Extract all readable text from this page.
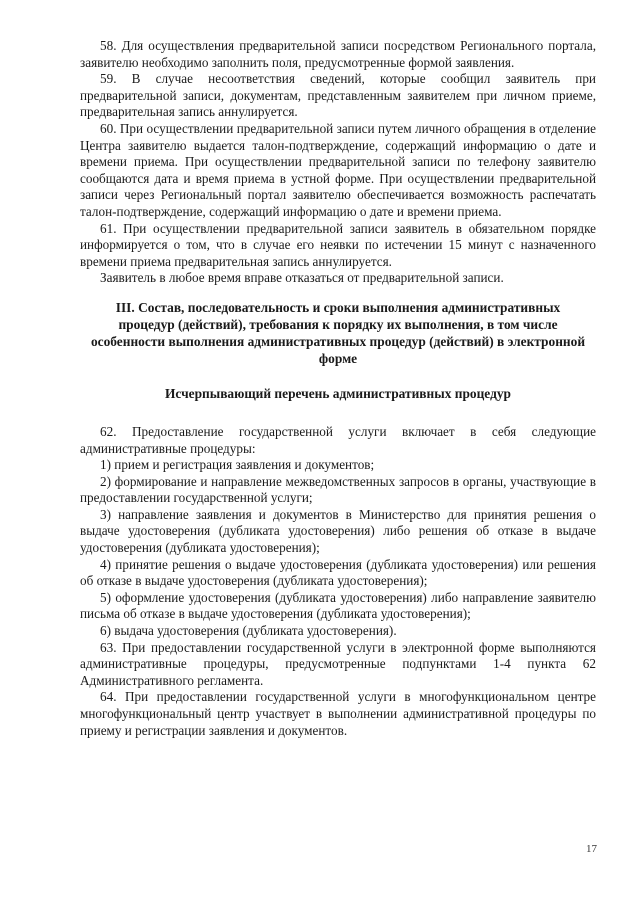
58. Для осуществления предварительной записи посредством Регионального портала, заявителю необходимо заполнить поля, предусмотренные формой заявления.

59. В случае несоответствия сведений, которые сообщил заявитель при предварительной записи, документам, представленным заявителем при личном приеме, предварительная запись аннулируется.

60. При осуществлении предварительной записи путем личного обращения в отделение Центра заявителю выдается талон-подтверждение, содержащий информацию о дате и времени приема. При осуществлении предварительной записи по телефону заявителю сообщаются дата и время приема в устной форме. При осуществлении предварительной записи через Региональный портал заявителю обеспечивается возможность распечатать талон-подтверждение, содержащий информацию о дате и времени приема.

61. При осуществлении предварительной записи заявитель в обязательном порядке информируется о том, что в случае его неявки по истечении 15 минут с назначенного времени приема предварительная запись аннулируется.

Заявитель в любое время вправе отказаться от предварительной записи.

III. Состав, последовательность и сроки выполнения административных процедур (действий), требования к порядку их выполнения, в том числе особенности выполнения административных процедур (действий) в электронной форме
Исчерпывающий перечень административных процедур

62. Предоставление государственной услуги включает в себя следующие административные процедуры:

1) прием и регистрация заявления и документов;

2) формирование и направление межведомственных запросов в органы, участвующие в предоставлении государственной услуги;

3) направление заявления и документов в Министерство для принятия решения о выдаче удостоверения (дубликата удостоверения) либо решения об отказе в выдаче удостоверения (дубликата удостоверения);

4) принятие решения о выдаче удостоверения (дубликата удостоверения) или решения об отказе в выдаче удостоверения (дубликата удостоверения);

5) оформление удостоверения (дубликата удостоверения) либо направление заявителю письма об отказе в выдаче удостоверения (дубликата удостоверения);

6) выдача удостоверения (дубликата удостоверения).

63. При предоставлении государственной услуги в электронной форме выполняются административные процедуры, предусмотренные подпунктами 1-4 пункта 62 Административного регламента.

64. При предоставлении государственной услуги в многофункциональном центре многофункциональный центр участвует в выполнении административной процедуры по приему и регистрации заявления и документов.

17
